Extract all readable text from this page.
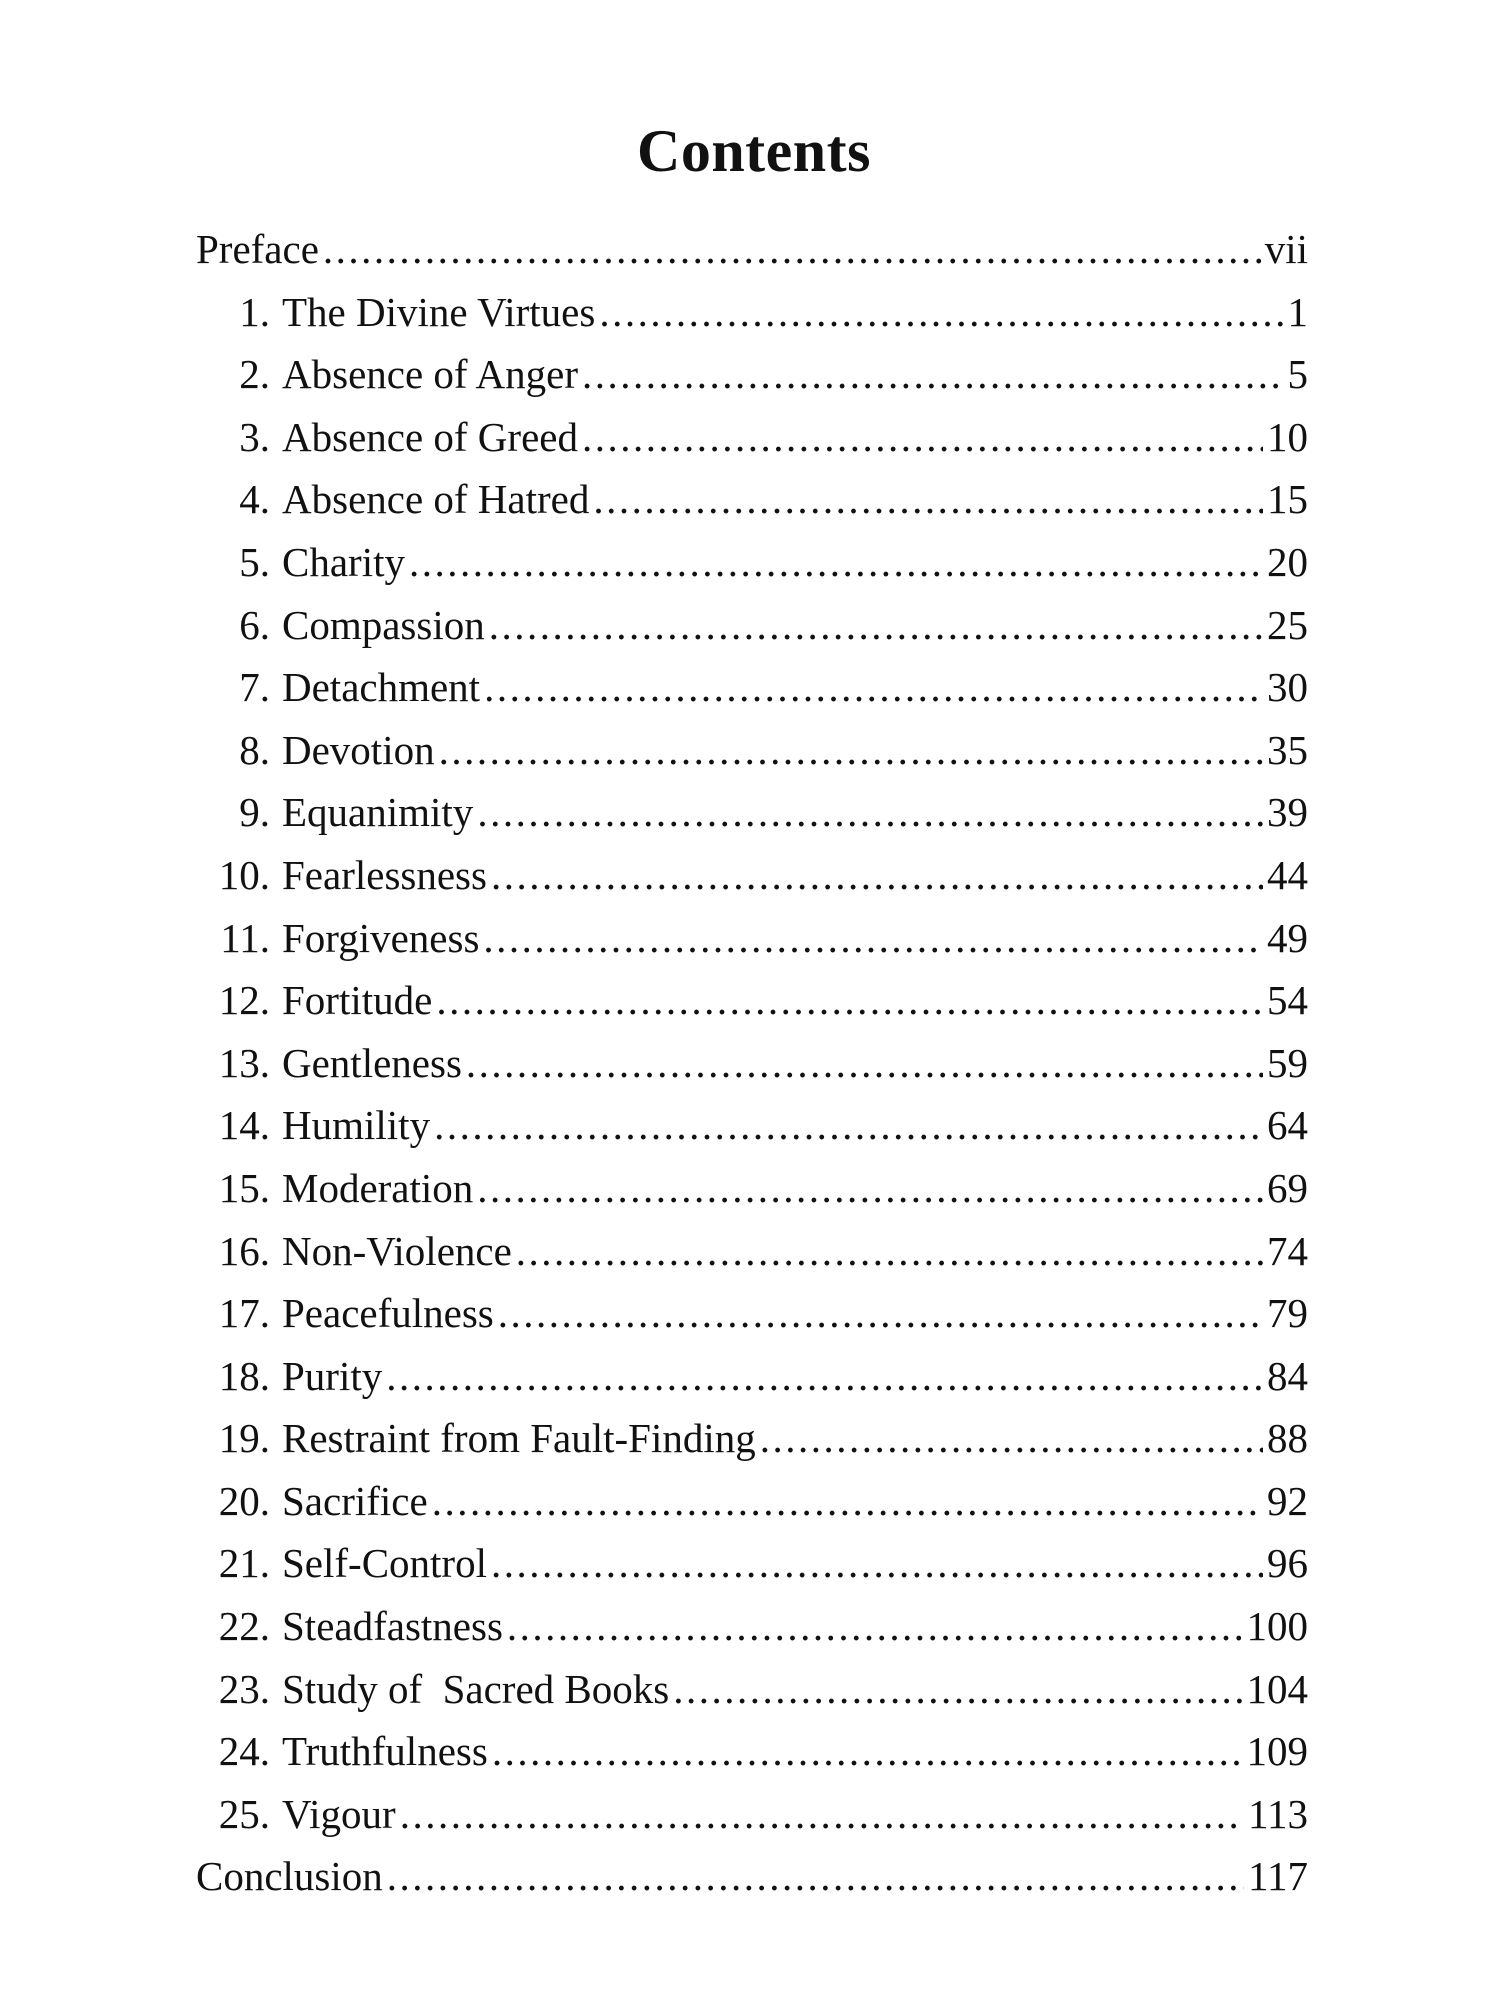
Contents
Preface .....	vii
1. The Divine Virtues .....	1
2. Absence of Anger .....	5
3. Absence of Greed .....	10
4. Absence of Hatred .....	15
5. Charity .....	20
6. Compassion .....	25
7. Detachment .....	30
8. Devotion .....	35
9. Equanimity .....	39
10. Fearlessness .....	44
11. Forgiveness .....	49
12. Fortitude .....	54
13. Gentleness .....	59
14. Humility .....	64
15. Moderation .....	69
16. Non-Violence .....	74
17. Peacefulness .....	79
18. Purity .....	84
19. Restraint from Fault-Finding .....	88
20. Sacrifice .....	92
21. Self-Control .....	96
22. Steadfastness .....	100
23. Study of  Sacred Books .....	104
24. Truthfulness .....	109
25. Vigour .....	113
Conclusion .....	117
